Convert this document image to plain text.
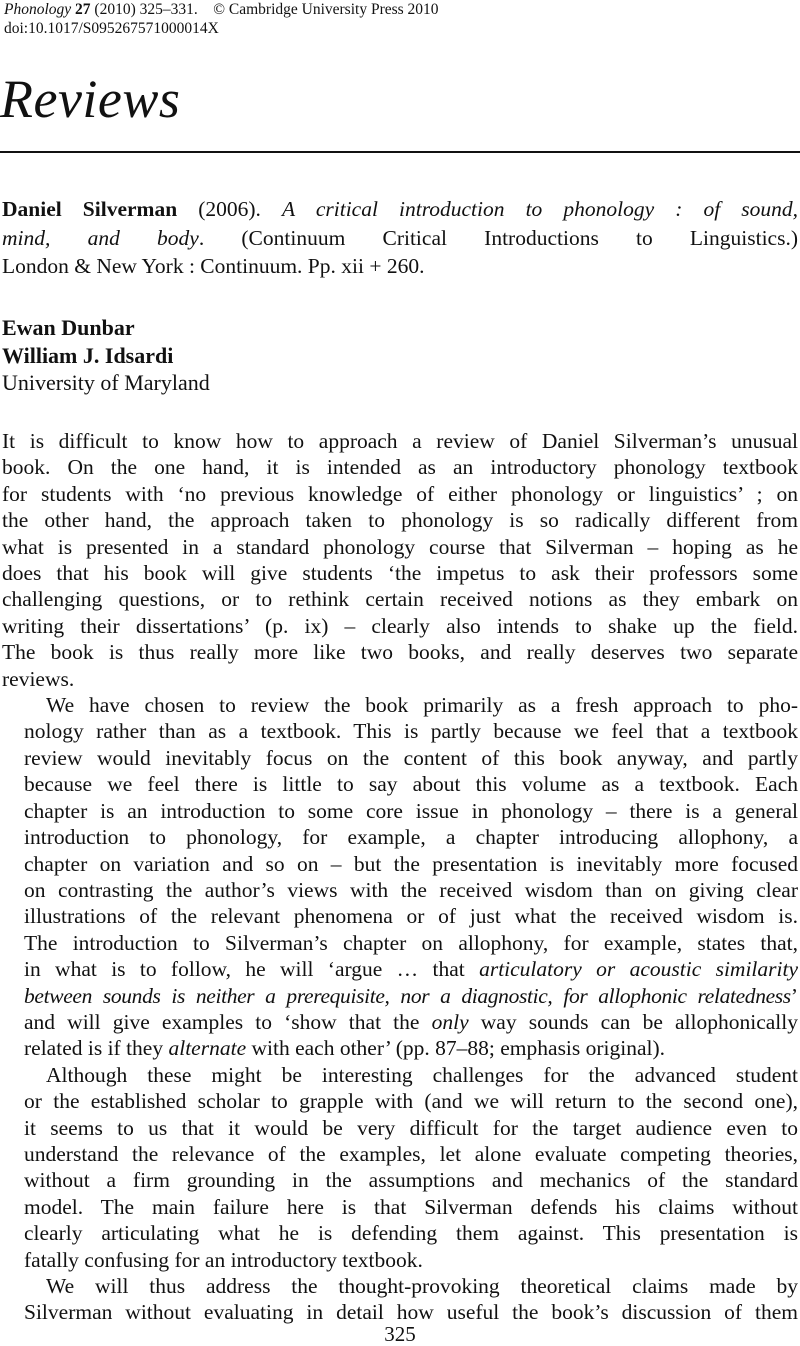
Phonology 27 (2010) 325–331. © Cambridge University Press 2010
doi:10.1017/S095267571000014X
Reviews
Daniel Silverman (2006). A critical introduction to phonology : of sound,
mind, and body. (Continuum Critical Introductions to Linguistics.)
London & New York : Continuum. Pp. xii + 260.
Ewan Dunbar
William J. Idsardi
University of Maryland

It is difficult to know how to approach a review of Daniel Silverman’s unusual
book. On the one hand, it is intended as an introductory phonology textbook
for students with ‘no previous knowledge of either phonology or linguistics’ ; on
the other hand, the approach taken to phonology is so radically different from
what is presented in a standard phonology course that Silverman – hoping as he
does that his book will give students ‘the impetus to ask their professors some
challenging questions, or to rethink certain received notions as they embark on
writing their dissertations’ (p. ix) – clearly also intends to shake up the field.
The book is thus really more like two books, and really deserves two separate
reviews.

We have chosen to review the book primarily as a fresh approach to pho-
nology rather than as a textbook. This is partly because we feel that a textbook
review would inevitably focus on the content of this book anyway, and partly
because we feel there is little to say about this volume as a textbook. Each
chapter is an introduction to some core issue in phonology – there is a general
introduction to phonology, for example, a chapter introducing allophony, a
chapter on variation and so on – but the presentation is inevitably more focused
on contrasting the author’s views with the received wisdom than on giving clear
illustrations of the relevant phenomena or of just what the received wisdom is.
The introduction to Silverman’s chapter on allophony, for example, states that,
in what is to follow, he will ‘argue … that articulatory or acoustic similarity
between sounds is neither a prerequisite, nor a diagnostic, for allophonic relatedness’
and will give examples to ‘show that the only way sounds can be allophonically
related is if they alternate with each other’ (pp. 87–88; emphasis original).

Although these might be interesting challenges for the advanced student
or the established scholar to grapple with (and we will return to the second one),
it seems to us that it would be very difficult for the target audience even to
understand the relevance of the examples, let alone evaluate competing theories,
without a firm grounding in the assumptions and mechanics of the standard
model. The main failure here is that Silverman defends his claims without
clearly articulating what he is defending them against. This presentation is
fatally confusing for an introductory textbook.

We will thus address the thought-provoking theoretical claims made by
Silverman without evaluating in detail how useful the book’s discussion of them

325
